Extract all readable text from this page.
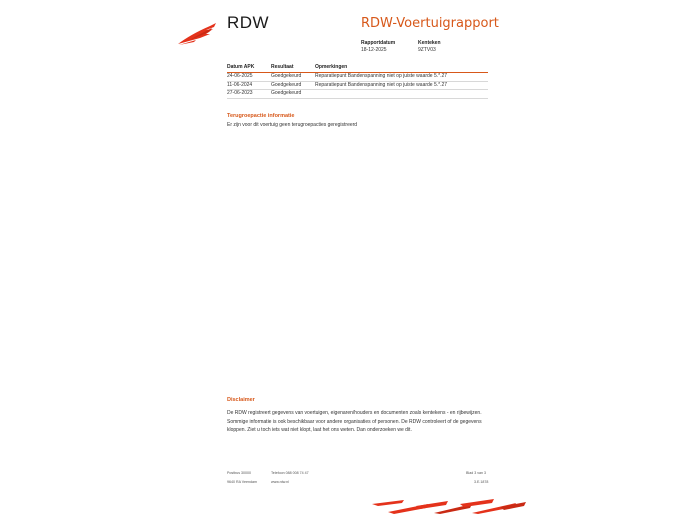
RDW	RDW-Voertuigrapport
Rapportdatum
18-12-2025
Kenteken
9ZTV03
Datum APK	Resultaat	Opmerkingen
24-06-2025	Goedgekeurd	Reparatiepunt Bandenspanning niet op juiste waarde 5.*.27
11-06-2024	Goedgekeurd	Reparatiepunt Bandenspanning niet op juiste waarde 5.*.27
27-06-2023	Goedgekeurd
Terugroepactie informatie
Er zijn voor dit voertuig geen terugroepacties geregistreerd
Disclaimer
De RDW registreert gegevens van voertuigen, eigenaren/houders en documenten zoals kentekens - en rijbewijzen. Sommige informatie is ook beschikbaar voor andere organisaties of personen. De RDW controleert of de gegevens kloppen. Ziet u toch iets wat niet klopt, laat het ons weten. Dan onderzoeken we dit.
Postbus 30000
9640 RA Veendam
Telefoon 088 008 74 47
www.rdw.nl
Blad 3 van 3
3.E.1878
